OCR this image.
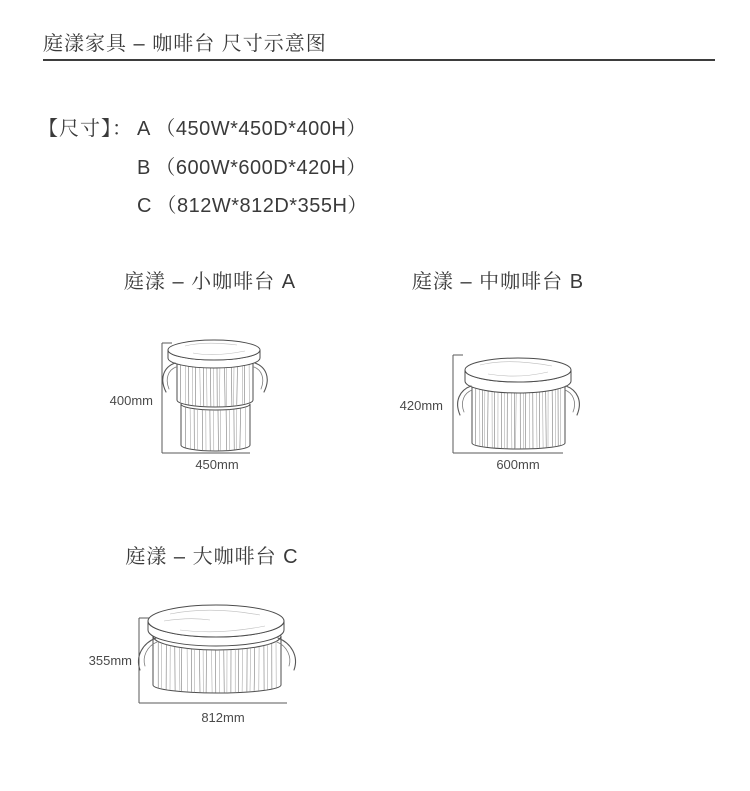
庭漾家具 – 咖啡台 尺寸示意图
【尺寸】： A （450W*450D*400H）
B （600W*600D*420H）
C （812W*812D*355H）
庭漾 – 小咖啡台 A
400mm
450mm
庭漾 – 中咖啡台 B
420mm
600mm
庭漾 – 大咖啡台 C
355mm
812mm
